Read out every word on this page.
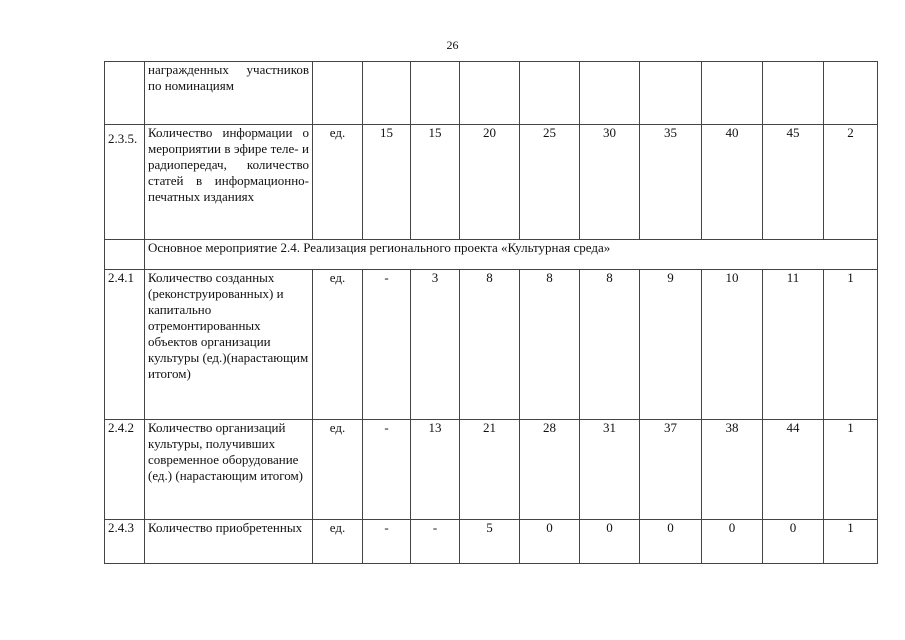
26
	награжденных участников по номинациям										
2.3.5.	Количество информации о мероприятии в эфире теле- и радиопередач, количество статей в информационно-печатных изданиях	ед.	15	15	20	25	30	35	40	45	2
	Основное мероприятие 2.4. Реализация регионального проекта «Культурная среда»										
2.4.1	Количество созданных (реконструированных) и капитально отремонтированных объектов организации культуры (ед.)(нарастающим итогом)	ед.	-	3	8	8	8	9	10	11	1
2.4.2	Количество организаций культуры, получивших современное оборудование (ед.) (нарастающим итогом)	ед.	-	13	21	28	31	37	38	44	1
2.4.3	Количество приобретенных	ед.	-	-	5	0	0	0	0	0	1
